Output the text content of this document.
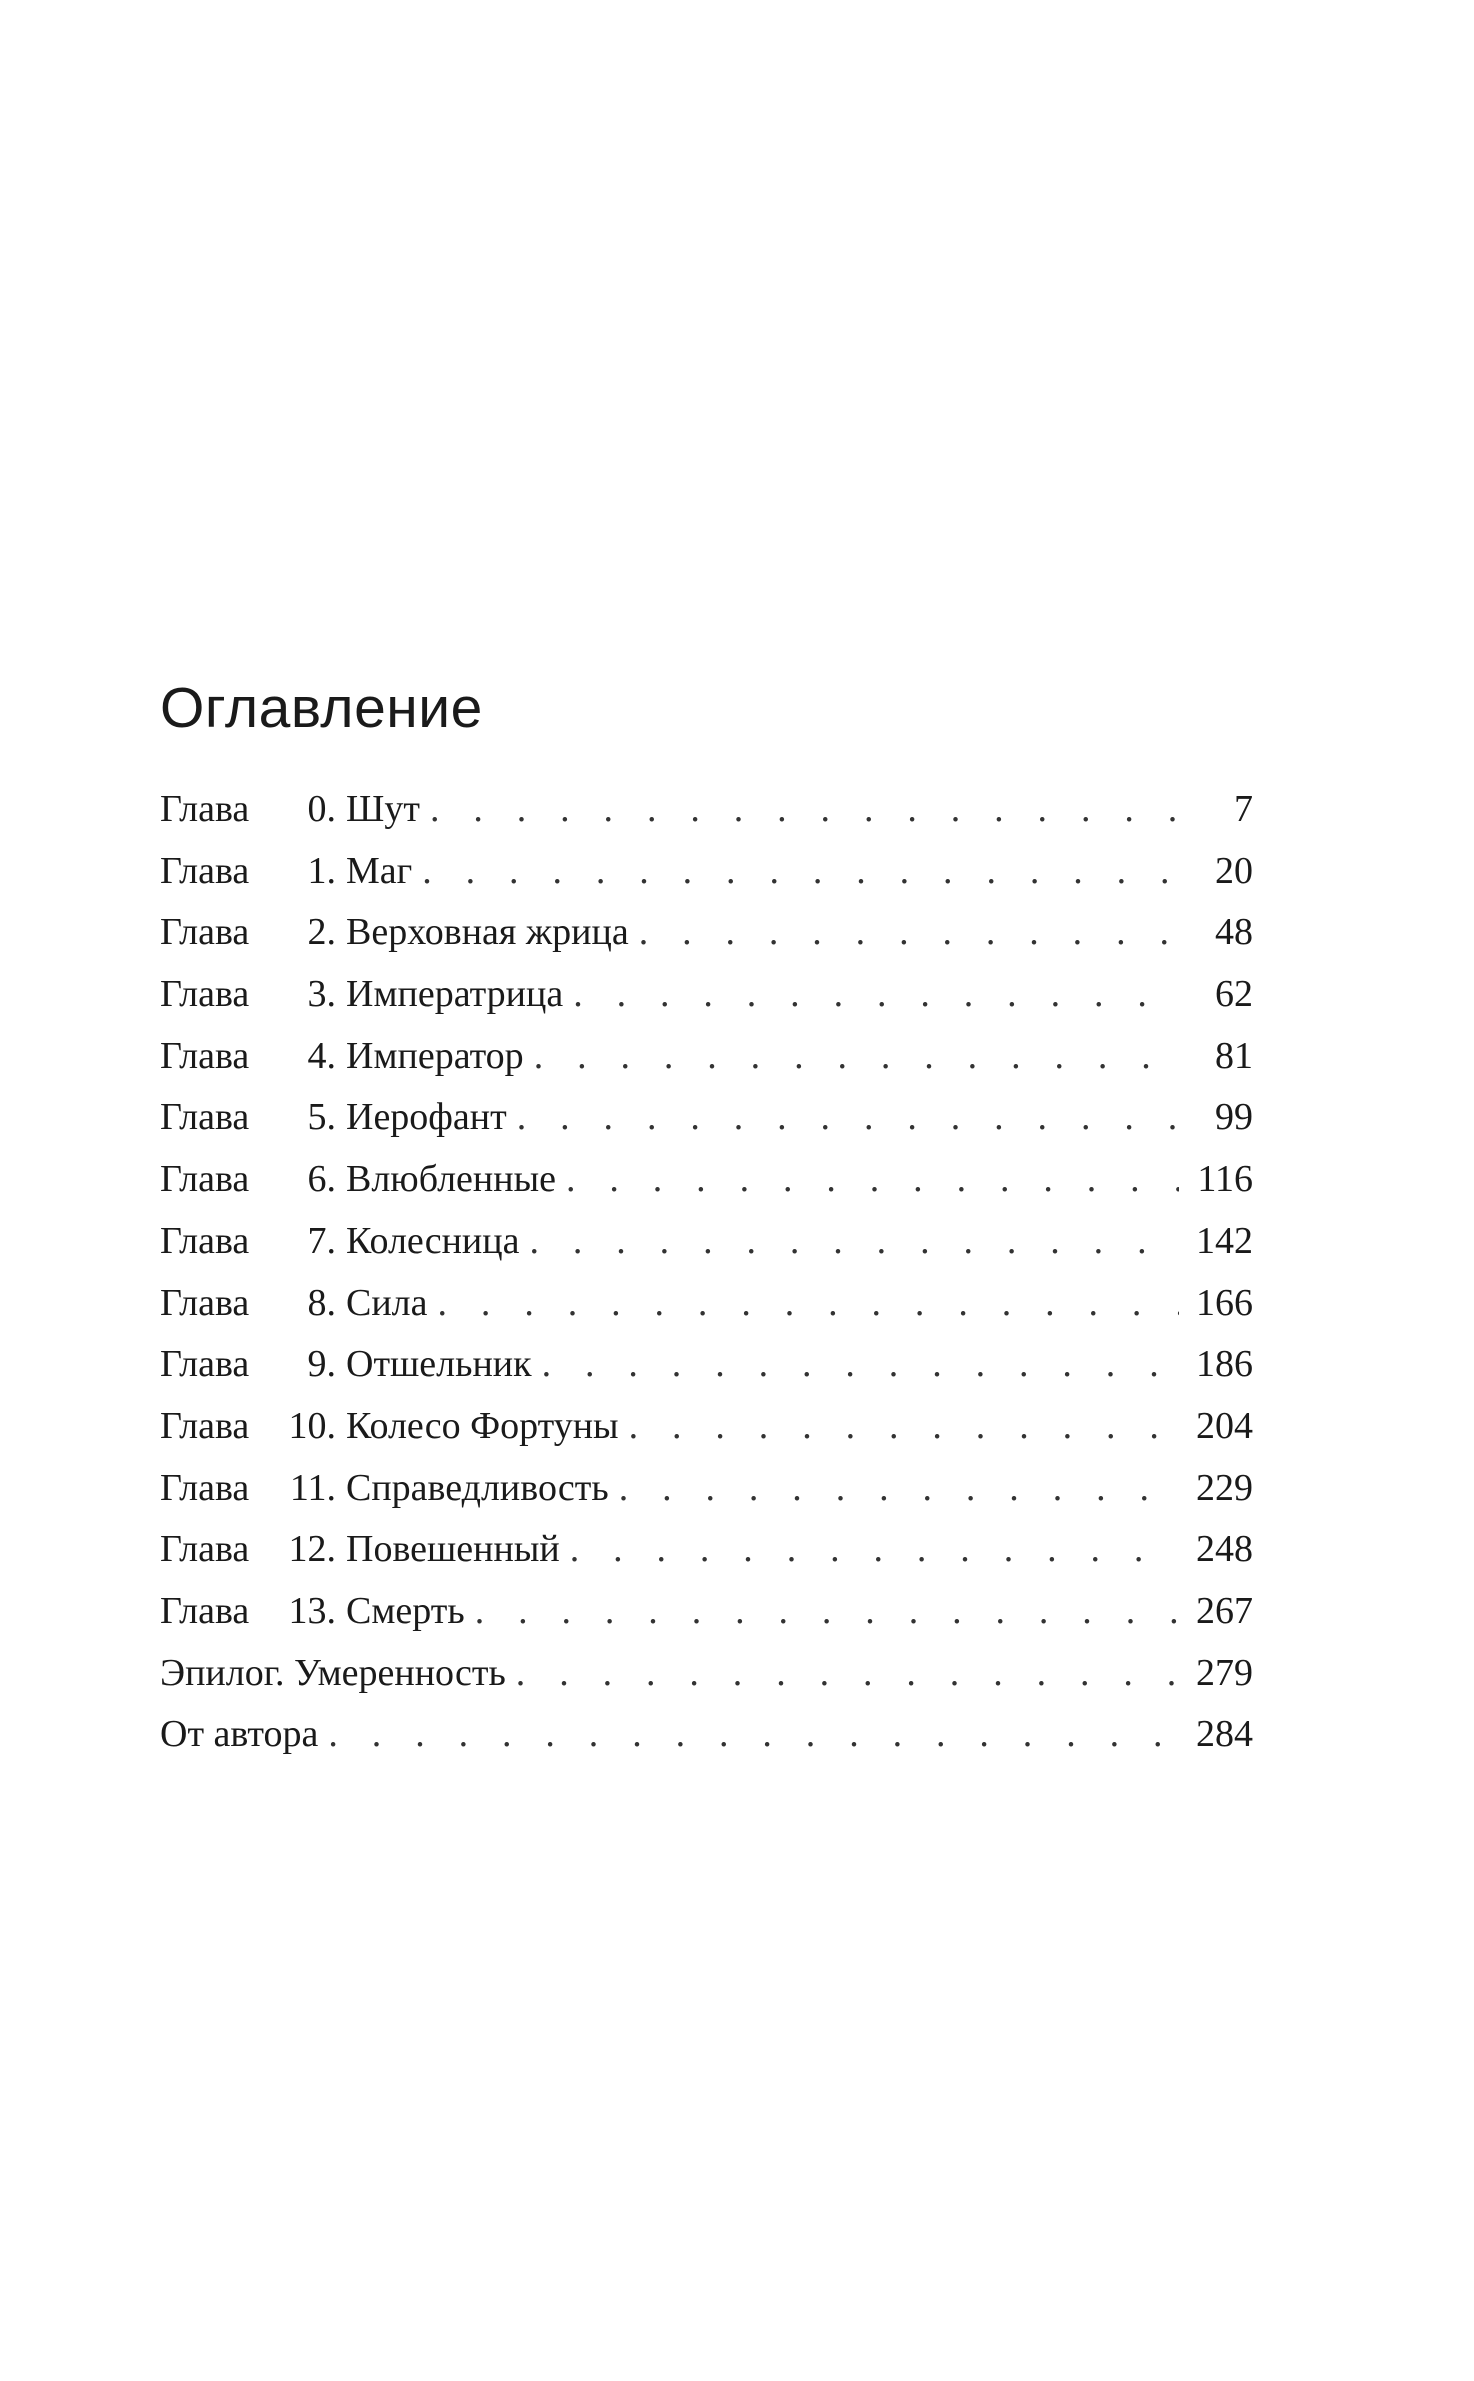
Оглавление
Глава	0. Шут . . .	7
Глава	1. Маг . . .	20
Глава	2. Верховная жрица . . .	48
Глава	3. Императрица . . .	62
Глава	4. Император . . .	81
Глава	5. Иерофант . . .	99
Глава	6. Влюбленные . . .	116
Глава	7. Колесница . . .	142
Глава	8. Сила . . .	166
Глава	9. Отшельник . . .	186
Глава	10. Колесо Фортуны . . .	204
Глава	11. Справедливость . . .	229
Глава	12. Повешенный . . .	248
Глава	13. Смерть . . .	267
Эпилог. Умеренность . . .	279
От автора . . .	284
